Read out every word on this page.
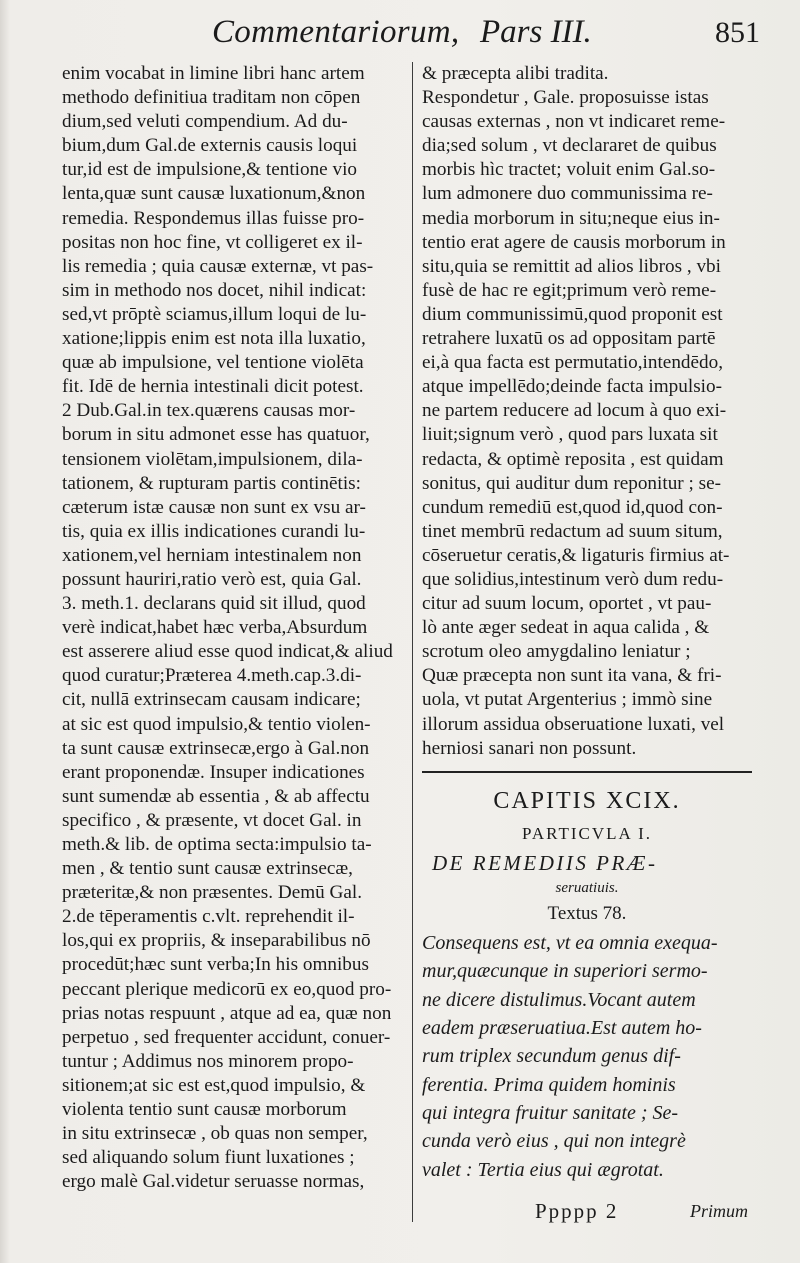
Commentariorum, Pars III.	851
enim vocabat in limine libri hanc artem
methodo definitiua traditam non cōpen
dium,sed veluti compendium. Ad du-
bium,dum Gal.de externis causis loqui
tur,id est de impulsione,& tentione vio
lenta,quæ sunt causæ luxationum,&non
remedia. Respondemus illas fuisse pro-
positas non hoc fine, vt colligeret ex il-
lis remedia ; quia causæ externæ, vt pas-
sim in methodo nos docet, nihil indicat:
sed,vt prōptè sciamus,illum loqui de lu-
xatione;lippis enim est nota illa luxatio,
quæ ab impulsione, vel tentione violēta
fit. Idē de hernia intestinali dicit potest.
2 Dub.Gal.in tex.quærens causas mor-
borum in situ admonet esse has quatuor,
tensionem violētam,impulsionem, dila-
tationem, & rupturam partis continētis:
cæterum istæ causæ non sunt ex vsu ar-
tis, quia ex illis indicationes curandi lu-
xationem,vel herniam intestinalem non
possunt hauriri,ratio verò est, quia Gal.
3. meth.1. declarans quid sit illud, quod
verè indicat,habet hæc verba,Absurdum
est asserere aliud esse quod indicat,& aliud
quod curatur;Præterea 4.meth.cap.3.di-
cit, nullā extrinsecam causam indicare;
at sic est quod impulsio,& tentio violen-
ta sunt causæ extrinsecæ,ergo à Gal.non
erant proponendæ. Insuper indicationes
sunt sumendæ ab essentia , & ab affectu
specifico , & præsente, vt docet Gal. in
meth.& lib. de optima secta:impulsio ta-
men , & tentio sunt causæ extrinsecæ,
præteritæ,& non præsentes. Demū Gal.
2.de tēperamentis c.vlt. reprehendit il-
los,qui ex propriis, & inseparabilibus nō
procedūt;hæc sunt verba;In his omnibus
peccant plerique medicorū ex eo,quod pro-
prias notas respuunt , atque ad ea, quæ non
perpetuo , sed frequenter accidunt, conuer-
tuntur ; Addimus nos minorem propo-
sitionem;at sic est est,quod impulsio, &
violenta tentio sunt causæ morborum
in situ extrinsecæ , ob quas non semper,
sed aliquando solum fiunt luxationes ;
ergo malè Gal.videtur seruasse normas,
& præcepta alibi tradita.
Respondetur , Gale. proposuisse istas
causas externas , non vt indicaret reme-
dia;sed solum , vt declararet de quibus
morbis hìc tractet; voluit enim Gal.so-
lum admonere duo communissima re-
media morborum in situ;neque eius in-
tentio erat agere de causis morborum in
situ,quia se remittit ad alios libros , vbi
fusè de hac re egit;primum verò reme-
dium communissimū,quod proponit est
retrahere luxatū os ad oppositam partē
ei,à qua facta est permutatio,intendēdo,
atque impellēdo;deinde facta impulsio-
ne partem reducere ad locum à quo exi-
liuit;signum verò , quod pars luxata sit
redacta, & optimè reposita , est quidam
sonitus, qui auditur dum reponitur ; se-
cundum remediū est,quod id,quod con-
tinet membrū redactum ad suum situm,
cōseruetur ceratis,& ligaturis firmius at-
que solidius,intestinum verò dum redu-
citur ad suum locum, oportet , vt pau-
lò ante æger sedeat in aqua calida , &
scrotum oleo amygdalino leniatur ;
Quæ præcepta non sunt ita vana, & fri-
uola, vt putat Argenterius ; immò sine
illorum assidua obseruatione luxati, vel
herniosi sanari non possunt.
CAPITIS XCIX.
PARTICVLA I.
DE REMEDIIS PRÆ-
seruatiuis.
Textus 78.
Consequens est, vt ea omnia exequa-
mur,quæcunque in superiori sermo-
ne dicere distulimus.Vocant autem
eadem præseruatiua.Est autem ho-
rum triplex secundum genus dif-
ferentia. Prima quidem hominis
qui integra fruitur sanitate ; Se-
cunda verò eius , qui non integrè
valet : Tertia eius qui ægrotat.
Ppppp 2	Primum
